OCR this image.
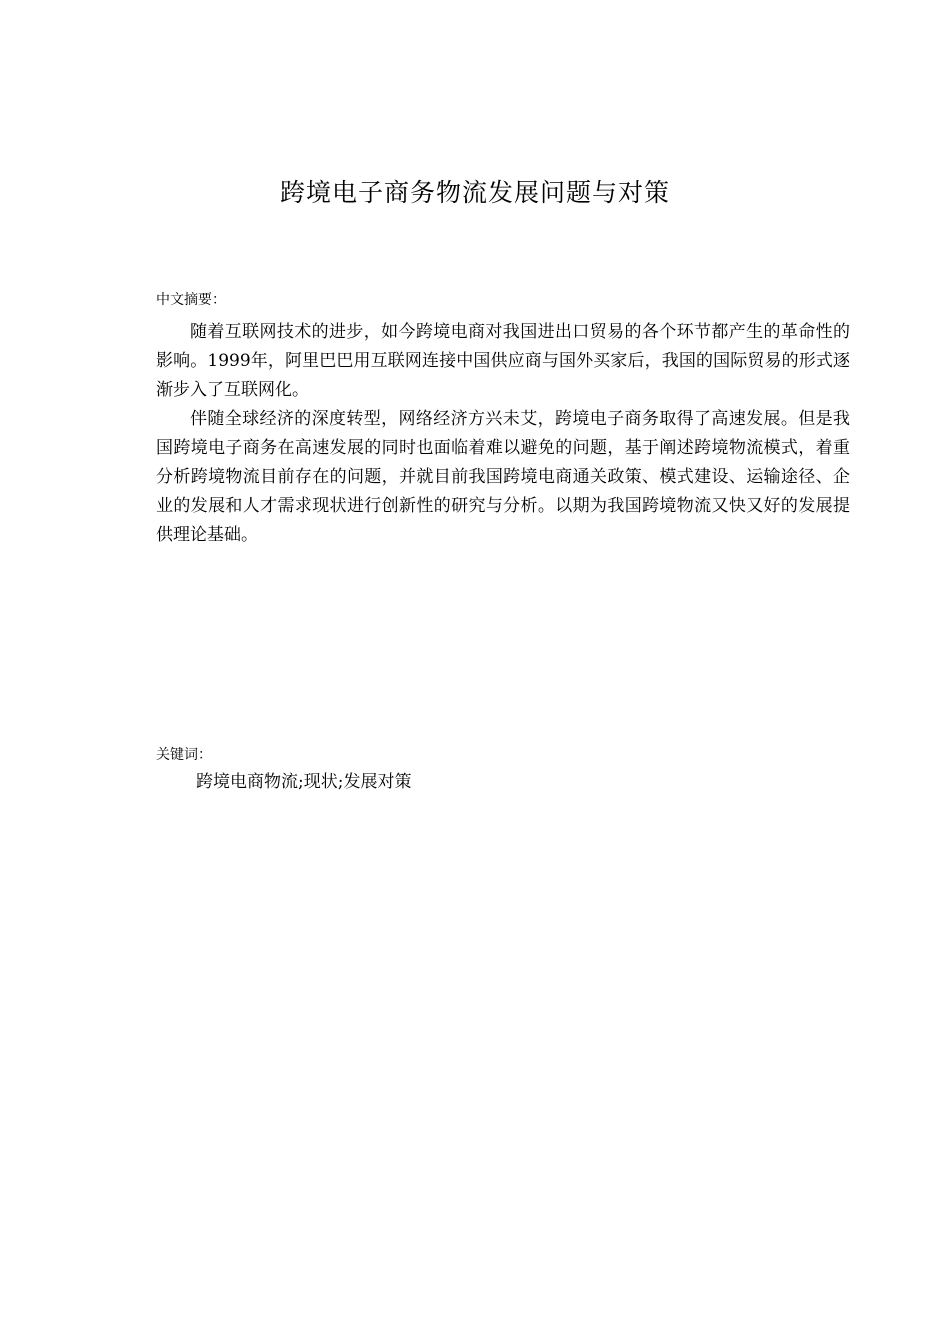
跨境电子商务物流发展问题与对策
中文摘要：

随着互联网技术的进步，如今跨境电商对我国进出口贸易的各个环节都产生的革命性的影响。1999年，阿里巴巴用互联网连接中国供应商与国外买家后，我国的国际贸易的形式逐渐步入了互联网化。

伴随全球经济的深度转型，网络经济方兴未艾，跨境电子商务取得了高速发展。但是我国跨境电子商务在高速发展的同时也面临着难以避免的问题，基于阐述跨境物流模式，着重分析跨境物流目前存在的问题，并就目前我国跨境电商通关政策、模式建设、运输途径、企业的发展和人才需求现状进行创新性的研究与分析。以期为我国跨境物流又快又好的发展提供理论基础。

关键词：
跨境电商物流;现状;发展对策
